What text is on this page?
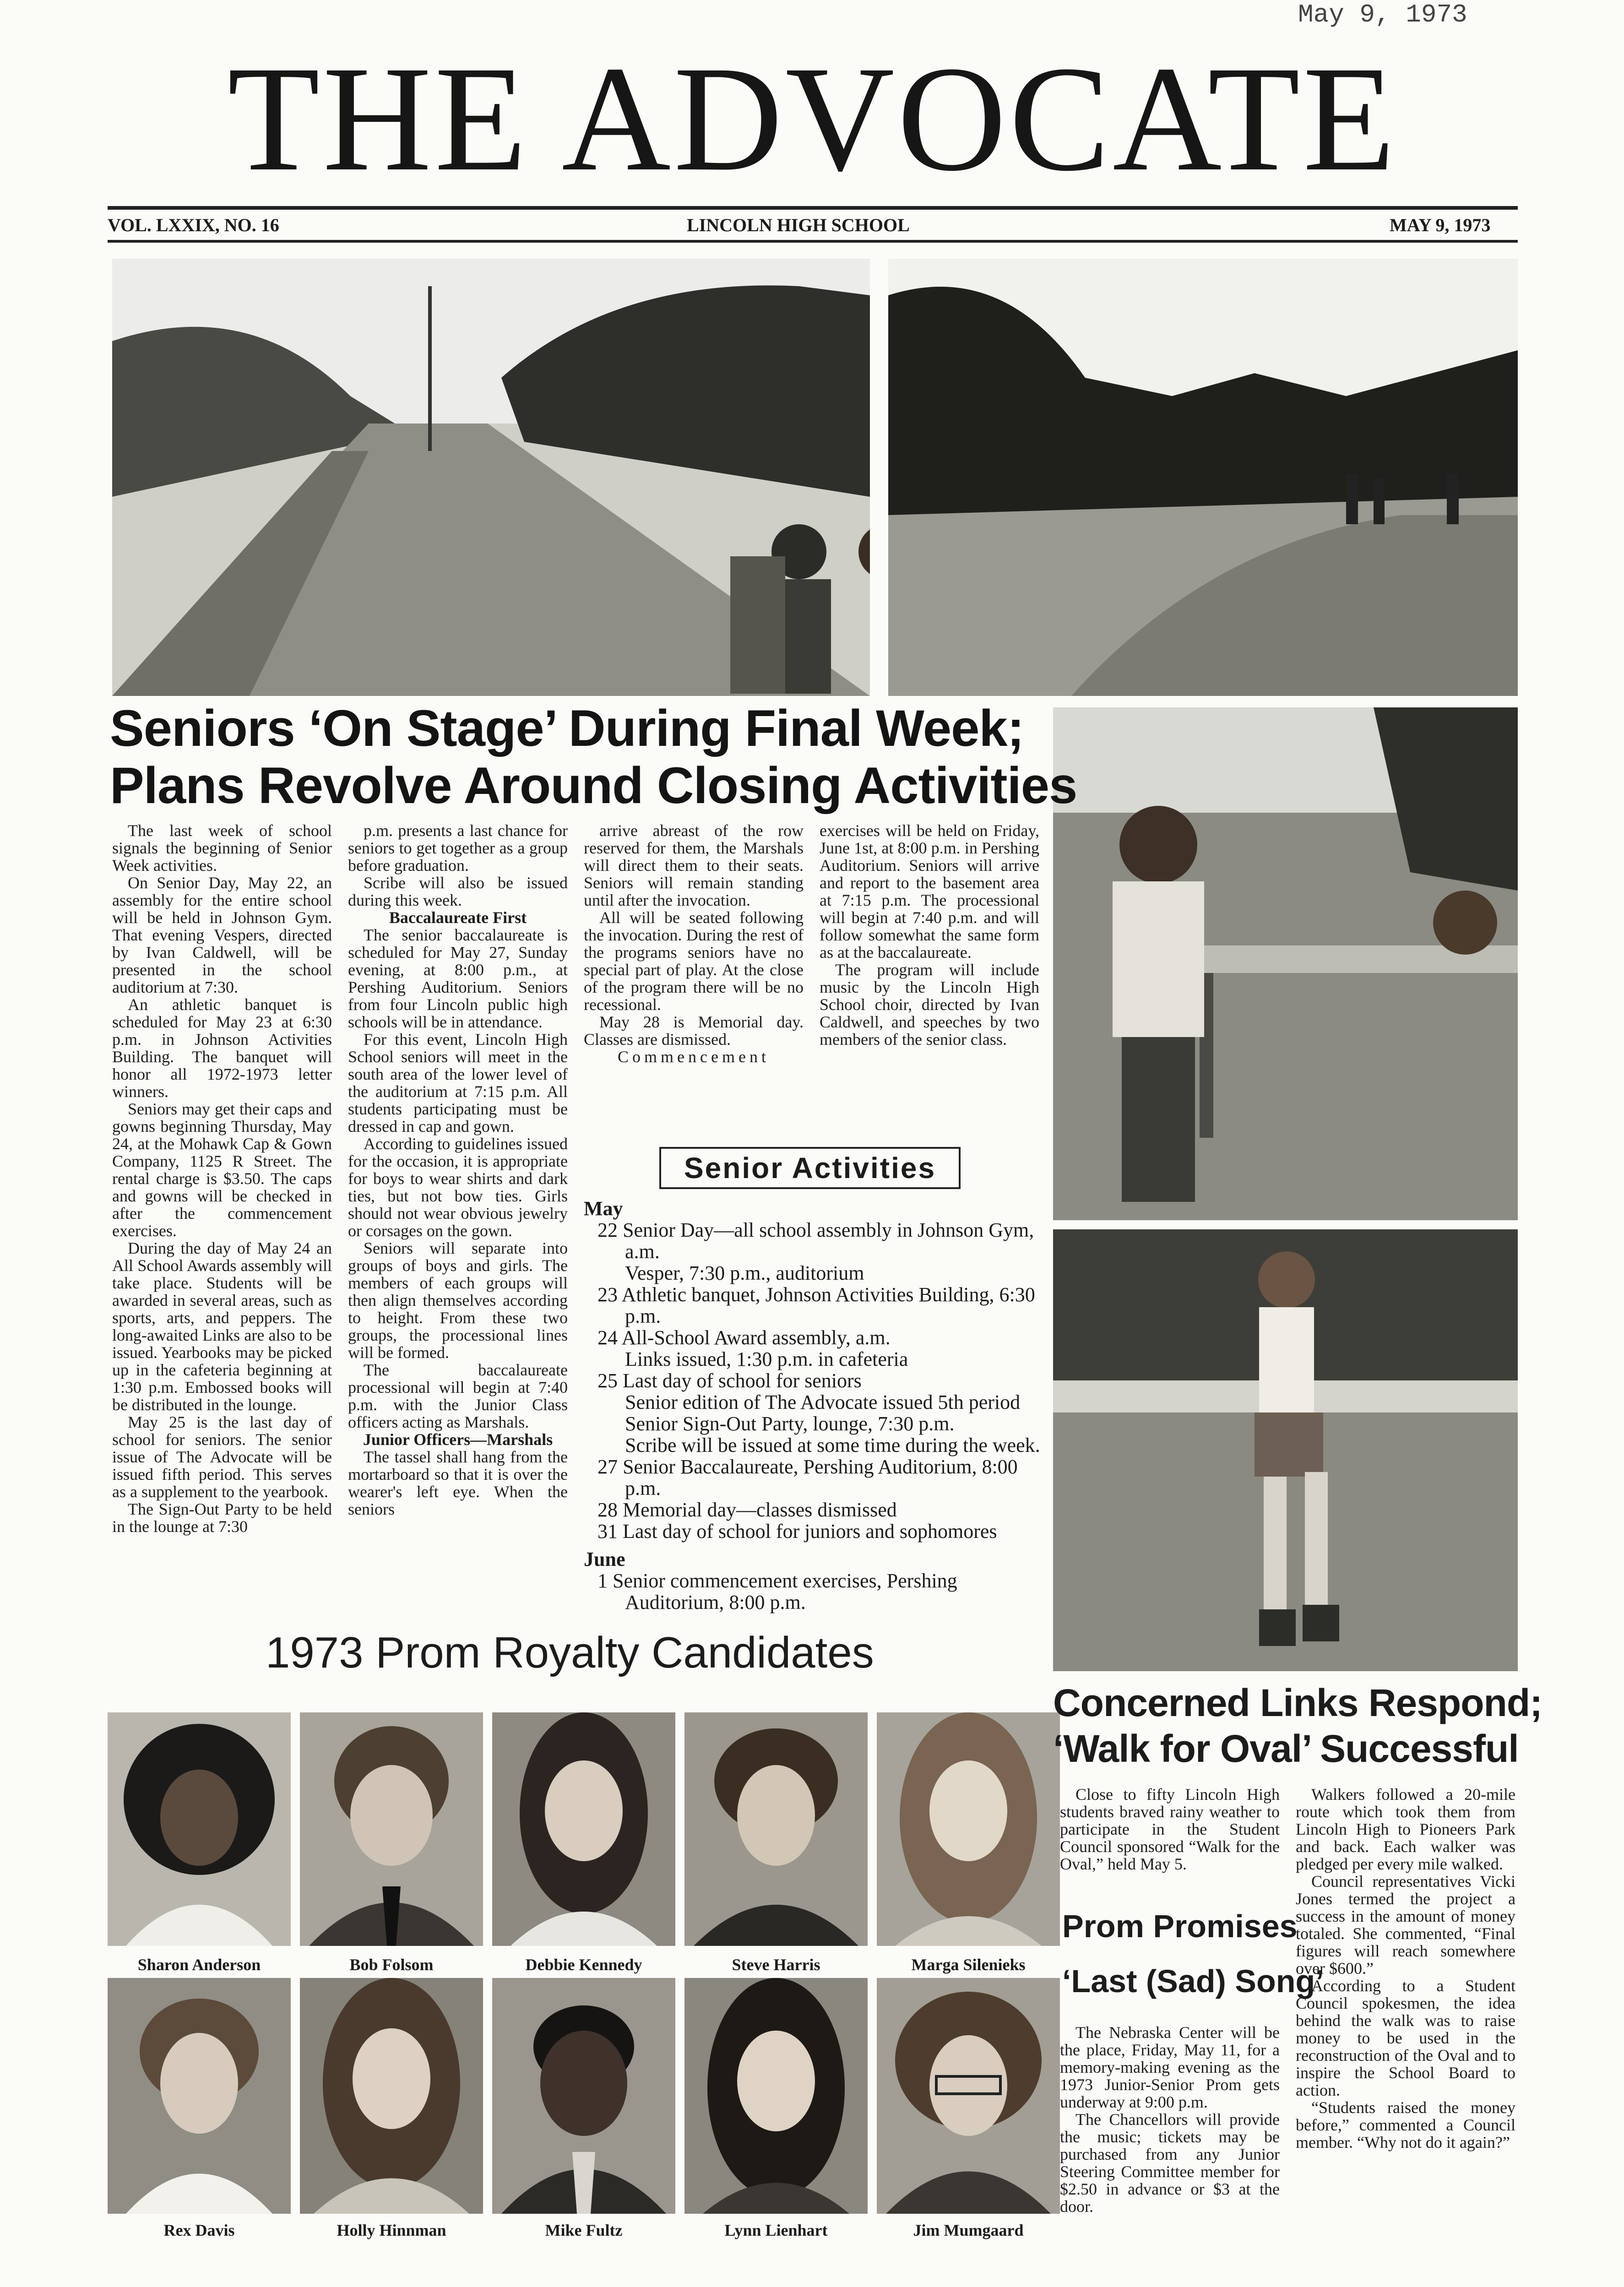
May 9, 1973
THE ADVOCATE
VOL. LXXIX, NO. 16	LINCOLN HIGH SCHOOL	MAY 9, 1973
Seniors ‘On Stage’ During Final Week;
Plans Revolve Around Closing Activities

The last week of school signals the beginning of Senior Week activities.

On Senior Day, May 22, an assembly for the entire school will be held in Johnson Gym. That evening Vespers, directed by Ivan Caldwell, will be presented in the school auditorium at 7:30.

An athletic banquet is scheduled for May 23 at 6:30 p.m. in Johnson Activities Building. The banquet will honor all 1972-1973 letter winners.

Seniors may get their caps and gowns beginning Thursday, May 24, at the Mohawk Cap & Gown Company, 1125 R Street. The rental charge is $3.50. The caps and gowns will be checked in after the commencement exercises.

During the day of May 24 an All School Awards assembly will take place. Students will be awarded in several areas, such as sports, arts, and peppers. The long-awaited Links are also to be issued. Yearbooks may be picked up in the cafeteria beginning at 1:30 p.m. Embossed books will be distributed in the lounge.

May 25 is the last day of school for seniors. The senior issue of The Advocate will be issued fifth period. This serves as a supplement to the yearbook.

The Sign-Out Party to be held in the lounge at 7:30

p.m. presents a last chance for seniors to get together as a group before graduation.

Scribe will also be issued during this week.

Baccalaureate First

The senior baccalaureate is scheduled for May 27, Sunday evening, at 8:00 p.m., at Pershing Auditorium. Seniors from four Lincoln public high schools will be in attendance.

For this event, Lincoln High School seniors will meet in the south area of the lower level of the auditorium at 7:15 p.m. All students participating must be dressed in cap and gown.

According to guidelines issued for the occasion, it is appropriate for boys to wear shirts and dark ties, but not bow ties. Girls should not wear obvious jewelry or corsages on the gown.

Seniors will separate into groups of boys and girls. The members of each groups will then align themselves according to height. From these two groups, the processional lines will be formed.

The baccalaureate processional will begin at 7:40 p.m. with the Junior Class officers acting as Marshals.

Junior Officers—Marshals

The tassel shall hang from the mortarboard so that it is over the wearer's left eye. When the seniors

arrive abreast of the row reserved for them, the Marshals will direct them to their seats. Seniors will remain standing until after the invocation.

All will be seated following the invocation. During the rest of the programs seniors have no special part of play. At the close of the program there will be no recessional.

May 28 is Memorial day. Classes are dismissed.

Commencement

exercises will be held on Friday, June 1st, at 8:00 p.m. in Pershing Auditorium. Seniors will arrive and report to the basement area at 7:15 p.m. The processional will begin at 7:40 p.m. and will follow somewhat the same form as at the baccalaureate.

The program will include music by the Lincoln High School choir, directed by Ivan Caldwell, and speeches by two members of the senior class.

Senior Activities
May
22 Senior Day—all school assembly in Johnson Gym, a.m.
Vesper, 7:30 p.m., auditorium
23 Athletic banquet, Johnson Activities Building, 6:30 p.m.
24 All-School Award assembly, a.m.
Links issued, 1:30 p.m. in cafeteria
25 Last day of school for seniors
Senior edition of The Advocate issued 5th period
Senior Sign-Out Party, lounge, 7:30 p.m.
Scribe will be issued at some time during the week.
27 Senior Baccalaureate, Pershing Auditorium, 8:00 p.m.
28 Memorial day—classes dismissed
31 Last day of school for juniors and sophomores
June
1 Senior commencement exercises, Pershing Auditorium, 8:00 p.m.
1973 Prom Royalty Candidates
Sharon Anderson	Bob Folsom	Debbie Kennedy	Steve Harris	Marga Silenieks
Rex Davis	Holly Hinnman	Mike Fultz	Lynn Lienhart	Jim Mumgaard
Concerned Links Respond;
‘Walk for Oval’ Successful

Close to fifty Lincoln High students braved rainy weather to participate in the Student Council sponsored “Walk for the Oval,” held May 5.

Walkers followed a 20-mile route which took them from Lincoln High to Pioneers Park and back. Each walker was pledged per every mile walked.

Council representatives Vicki Jones termed the project a success in the amount of money totaled. She commented, “Final figures will reach somewhere over $600.”

According to a Student Council spokesmen, the idea behind the walk was to raise money to be used in the reconstruction of the Oval and to inspire the School Board to action.

“Students raised the money before,” commented a Council member. “Why not do it again?”

Prom Promises
‘Last (Sad) Song’

The Nebraska Center will be the place, Friday, May 11, for a memory-making evening as the 1973 Junior-Senior Prom gets underway at 9:00 p.m.

The Chancellors will provide the music; tickets may be purchased from any Junior Steering Committee member for $2.50 in advance or $3 at the door.
